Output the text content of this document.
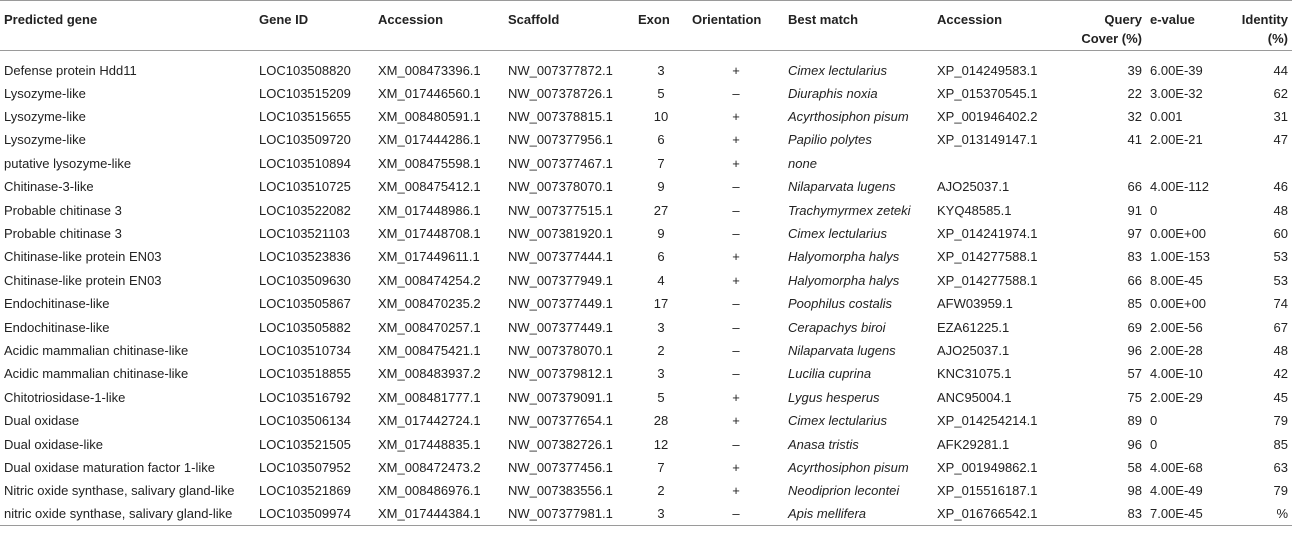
Predicted gene	Gene ID	Accession	Scaffold	Exon	Orientation	Best match	Accession	Query
Cover (%)	e-value	Identity
(%)
Defense protein Hdd11	LOC103508820	XM_008473396.1	NW_007377872.1	3	+	Cimex lectularius	XP_014249583.1	39	6.00E-39	44
Lysozyme-like	LOC103515209	XM_017446560.1	NW_007378726.1	5	–	Diuraphis noxia	XP_015370545.1	22	3.00E-32	62
Lysozyme-like	LOC103515655	XM_008480591.1	NW_007378815.1	10	+	Acyrthosiphon pisum	XP_001946402.2	32	0.001	31
Lysozyme-like	LOC103509720	XM_017444286.1	NW_007377956.1	6	+	Papilio polytes	XP_013149147.1	41	2.00E-21	47
putative lysozyme-like	LOC103510894	XM_008475598.1	NW_007377467.1	7	+	none				
Chitinase-3-like	LOC103510725	XM_008475412.1	NW_007378070.1	9	–	Nilaparvata lugens	AJO25037.1	66	4.00E-112	46
Probable chitinase 3	LOC103522082	XM_017448986.1	NW_007377515.1	27	–	Trachymyrmex zeteki	KYQ48585.1	91	0	48
Probable chitinase 3	LOC103521103	XM_017448708.1	NW_007381920.1	9	–	Cimex lectularius	XP_014241974.1	97	0.00E+00	60
Chitinase-like protein EN03	LOC103523836	XM_017449611.1	NW_007377444.1	6	+	Halyomorpha halys	XP_014277588.1	83	1.00E-153	53
Chitinase-like protein EN03	LOC103509630	XM_008474254.2	NW_007377949.1	4	+	Halyomorpha halys	XP_014277588.1	66	8.00E-45	53
Endochitinase-like	LOC103505867	XM_008470235.2	NW_007377449.1	17	–	Poophilus costalis	AFW03959.1	85	0.00E+00	74
Endochitinase-like	LOC103505882	XM_008470257.1	NW_007377449.1	3	–	Cerapachys biroi	EZA61225.1	69	2.00E-56	67
Acidic mammalian chitinase-like	LOC103510734	XM_008475421.1	NW_007378070.1	2	–	Nilaparvata lugens	AJO25037.1	96	2.00E-28	48
Acidic mammalian chitinase-like	LOC103518855	XM_008483937.2	NW_007379812.1	3	–	Lucilia cuprina	KNC31075.1	57	4.00E-10	42
Chitotriosidase-1-like	LOC103516792	XM_008481777.1	NW_007379091.1	5	+	Lygus hesperus	ANC95004.1	75	2.00E-29	45
Dual oxidase	LOC103506134	XM_017442724.1	NW_007377654.1	28	+	Cimex lectularius	XP_014254214.1	89	0	79
Dual oxidase-like	LOC103521505	XM_017448835.1	NW_007382726.1	12	–	Anasa tristis	AFK29281.1	96	0	85
Dual oxidase maturation factor 1-like	LOC103507952	XM_008472473.2	NW_007377456.1	7	+	Acyrthosiphon pisum	XP_001949862.1	58	4.00E-68	63
Nitric oxide synthase, salivary gland-like	LOC103521869	XM_008486976.1	NW_007383556.1	2	+	Neodiprion lecontei	XP_015516187.1	98	4.00E-49	79
nitric oxide synthase, salivary gland-like	LOC103509974	XM_017444384.1	NW_007377981.1	3	–	Apis mellifera	XP_016766542.1	83	7.00E-45	%
